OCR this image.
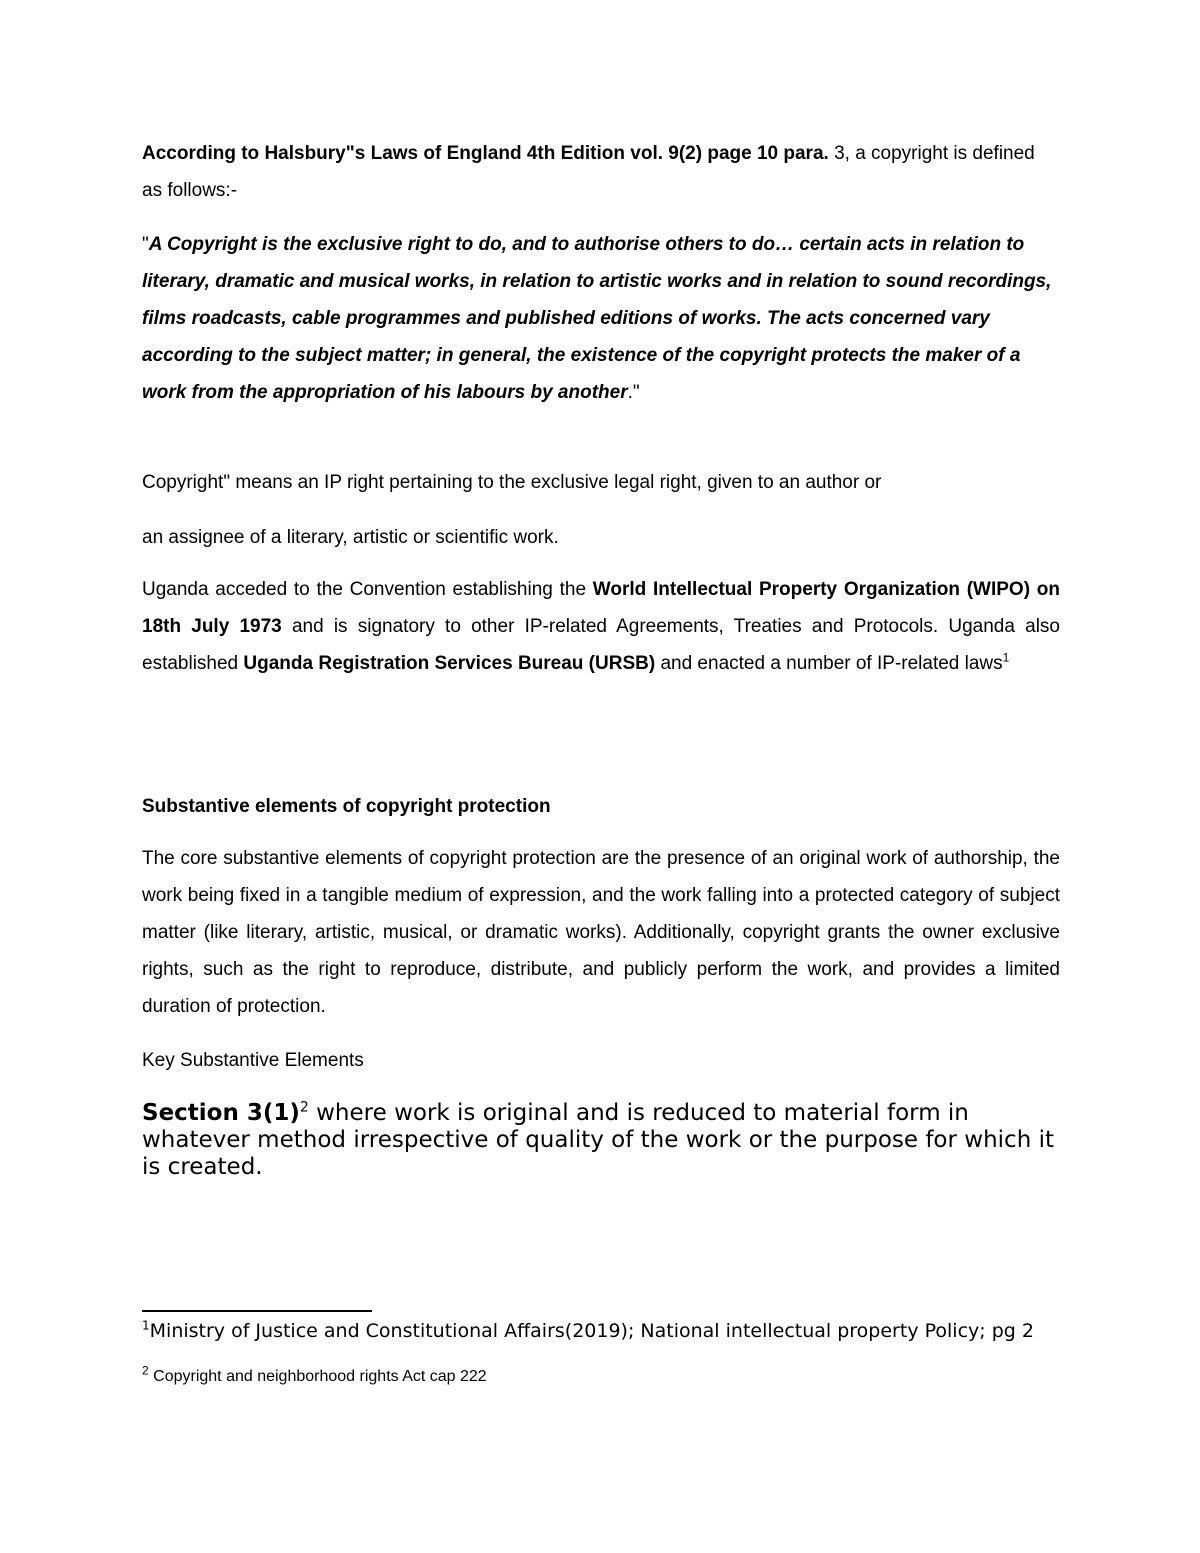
According to Halsbury"s Laws of England 4th Edition vol. 9(2) page 10 para. 3, a copyright is defined as follows:-

"A Copyright is the exclusive right to do, and to authorise others to do… certain acts in relation to literary, dramatic and musical works, in relation to artistic works and in relation to sound recordings, films roadcasts, cable programmes and published editions of works. The acts concerned vary according to the subject matter; in general, the existence of the copyright protects the maker of a work from the appropriation of his labours by another."

Copyright" means an IP right pertaining to the exclusive legal right, given to an author or

an assignee of a literary, artistic or scientific work.

Uganda acceded to the Convention establishing the World Intellectual Property Organization (WIPO) on 18th July 1973 and is signatory to other IP-related Agreements, Treaties and Protocols. Uganda also established Uganda Registration Services Bureau (URSB) and enacted a number of IP-related laws$^1$

Substantive elements of copyright protection

The core substantive elements of copyright protection are the presence of an original work of authorship, the work being fixed in a tangible medium of expression, and the work falling into a protected category of subject matter (like literary, artistic, musical, or dramatic works). Additionally, copyright grants the owner exclusive rights, such as the right to reproduce, distribute, and publicly perform the work, and provides a limited duration of protection.

Key Substantive Elements

Section $3(1)^2$ where work is original and is reduced to material form in whatever method irrespective of quality of the work or the purpose for which it is created.

$^1$Ministry of Justice and Constitutional Affairs(2019); National intellectual property Policy; pg 2

$^2$ Copyright and neighborhood rights Act cap 222
